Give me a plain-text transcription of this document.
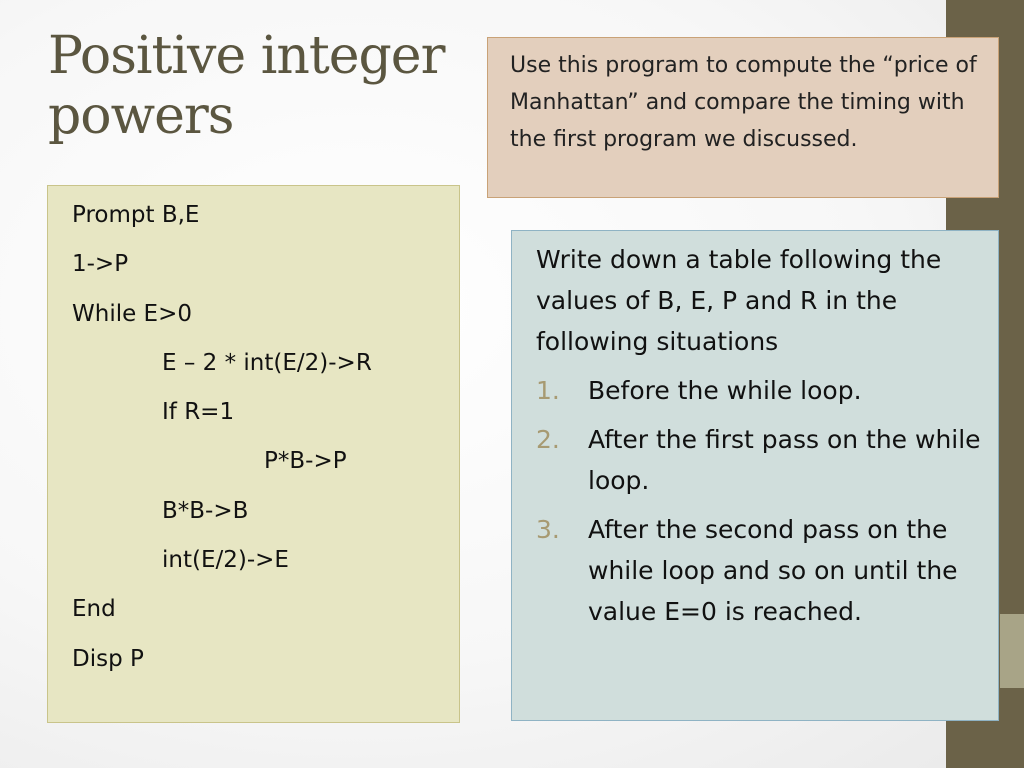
Positive integer powers
Use this program to compute the “price of Manhattan” and compare the timing with the first program we discussed.
Prompt B,E
1->P
While E>0
E – 2 * int(E/2)->R
If R=1
P*B->P
B*B->B
int(E/2)->E
End
Disp P

Write down a table following the values of B, E, P and R in the following situations

1.	Before the while loop.
2.	After the first pass on the while loop.
3.	After the second pass on the while loop and so on until the value E=0 is reached.
